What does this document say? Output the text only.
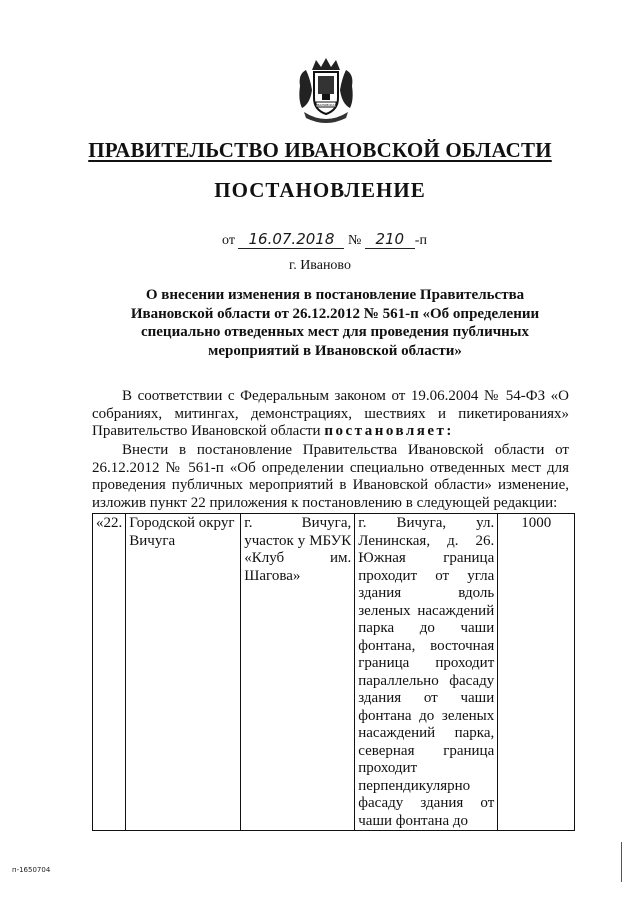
ИВАНОВСКАЯ
ПРАВИТЕЛЬСТВО ИВАНОВСКОЙ ОБЛАСТИ
ПОСТАНОВЛЕНИЕ
от 16.07.2018 № 210 -п
г. Иваново
О внесении изменения в постановление Правительства
Ивановской области от 26.12.2012 № 561-п «Об определении
специально отведенных мест для проведения публичных
мероприятий в Ивановской области»
В соответствии с Федеральным законом от 19.06.2004 № 54-ФЗ «О собраниях, митингах, демонстрациях, шествиях и пикетированиях» Правительство Ивановской области постановляет:
Внести в постановление Правительства Ивановской области от 26.12.2012 № 561-п «Об определении специально отведенных мест для проведения публичных мероприятий в Ивановской области» изменение, изложив пункт 22 приложения к постановлению в следующей редакции:
«22.	Городской округ Вичуга	г. Вичуга, участок у МБУК «Клуб им. Шагова»	г. Вичуга, ул. Ленинская, д. 26. Южная граница проходит от угла здания вдоль зеленых насаждений парка до чаши фонтана, восточная граница проходит параллельно фасаду здания от чаши фонтана до зеленых насаждений парка, северная граница проходит перпендикулярно фасаду здания от чаши фонтана до	1000
п-1650704
